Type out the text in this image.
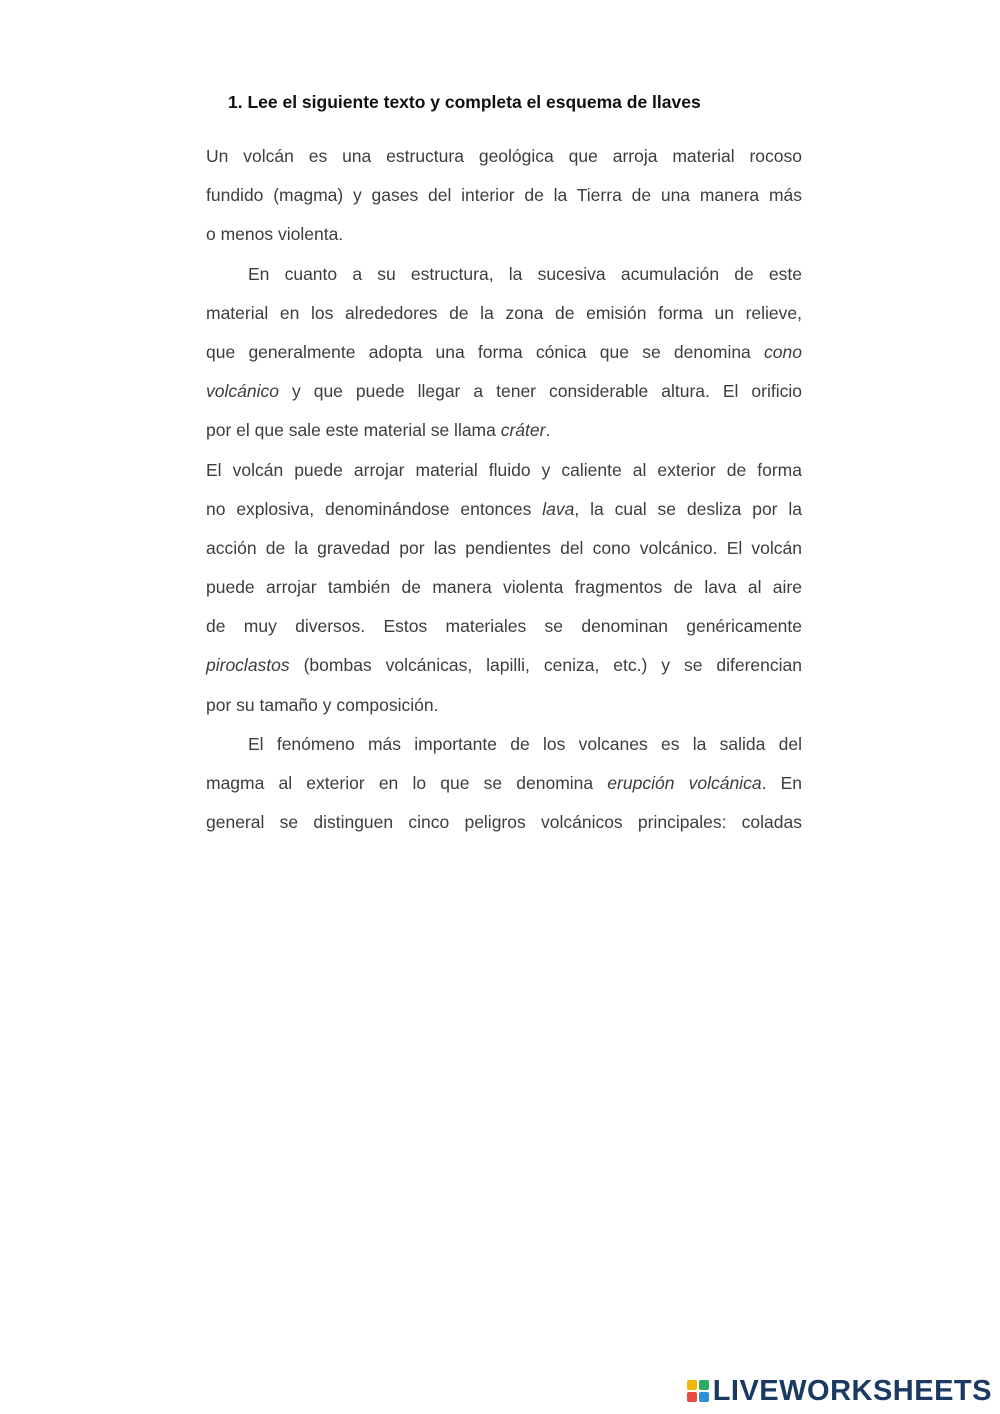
1. Lee el siguiente texto y completa el esquema de llaves
Un volcán es una estructura geológica que arroja material rocoso
fundido (magma) y gases del interior de la Tierra de una manera más
o menos violenta.
En cuanto a su estructura, la sucesiva acumulación de este
material en los alrededores de la zona de emisión forma un relieve,
que generalmente adopta una forma cónica que se denomina cono
volcánico y que puede llegar a tener considerable altura. El orificio
por el que sale este material se llama cráter.
El volcán puede arrojar material fluido y caliente al exterior de forma
no explosiva, denominándose entonces lava, la cual se desliza por la
acción de la gravedad por las pendientes del cono volcánico. El volcán
puede arrojar también de manera violenta fragmentos de lava al aire
de muy diversos. Estos materiales se denominan genéricamente
piroclastos (bombas volcánicas, lapilli, ceniza, etc.) y se diferencian
por su tamaño y composición.
El fenómeno más importante de los volcanes es la salida del
magma al exterior en lo que se denomina erupción volcánica. En
general se distinguen cinco peligros volcánicos principales: coladas
LIVEWORKSHEETS
